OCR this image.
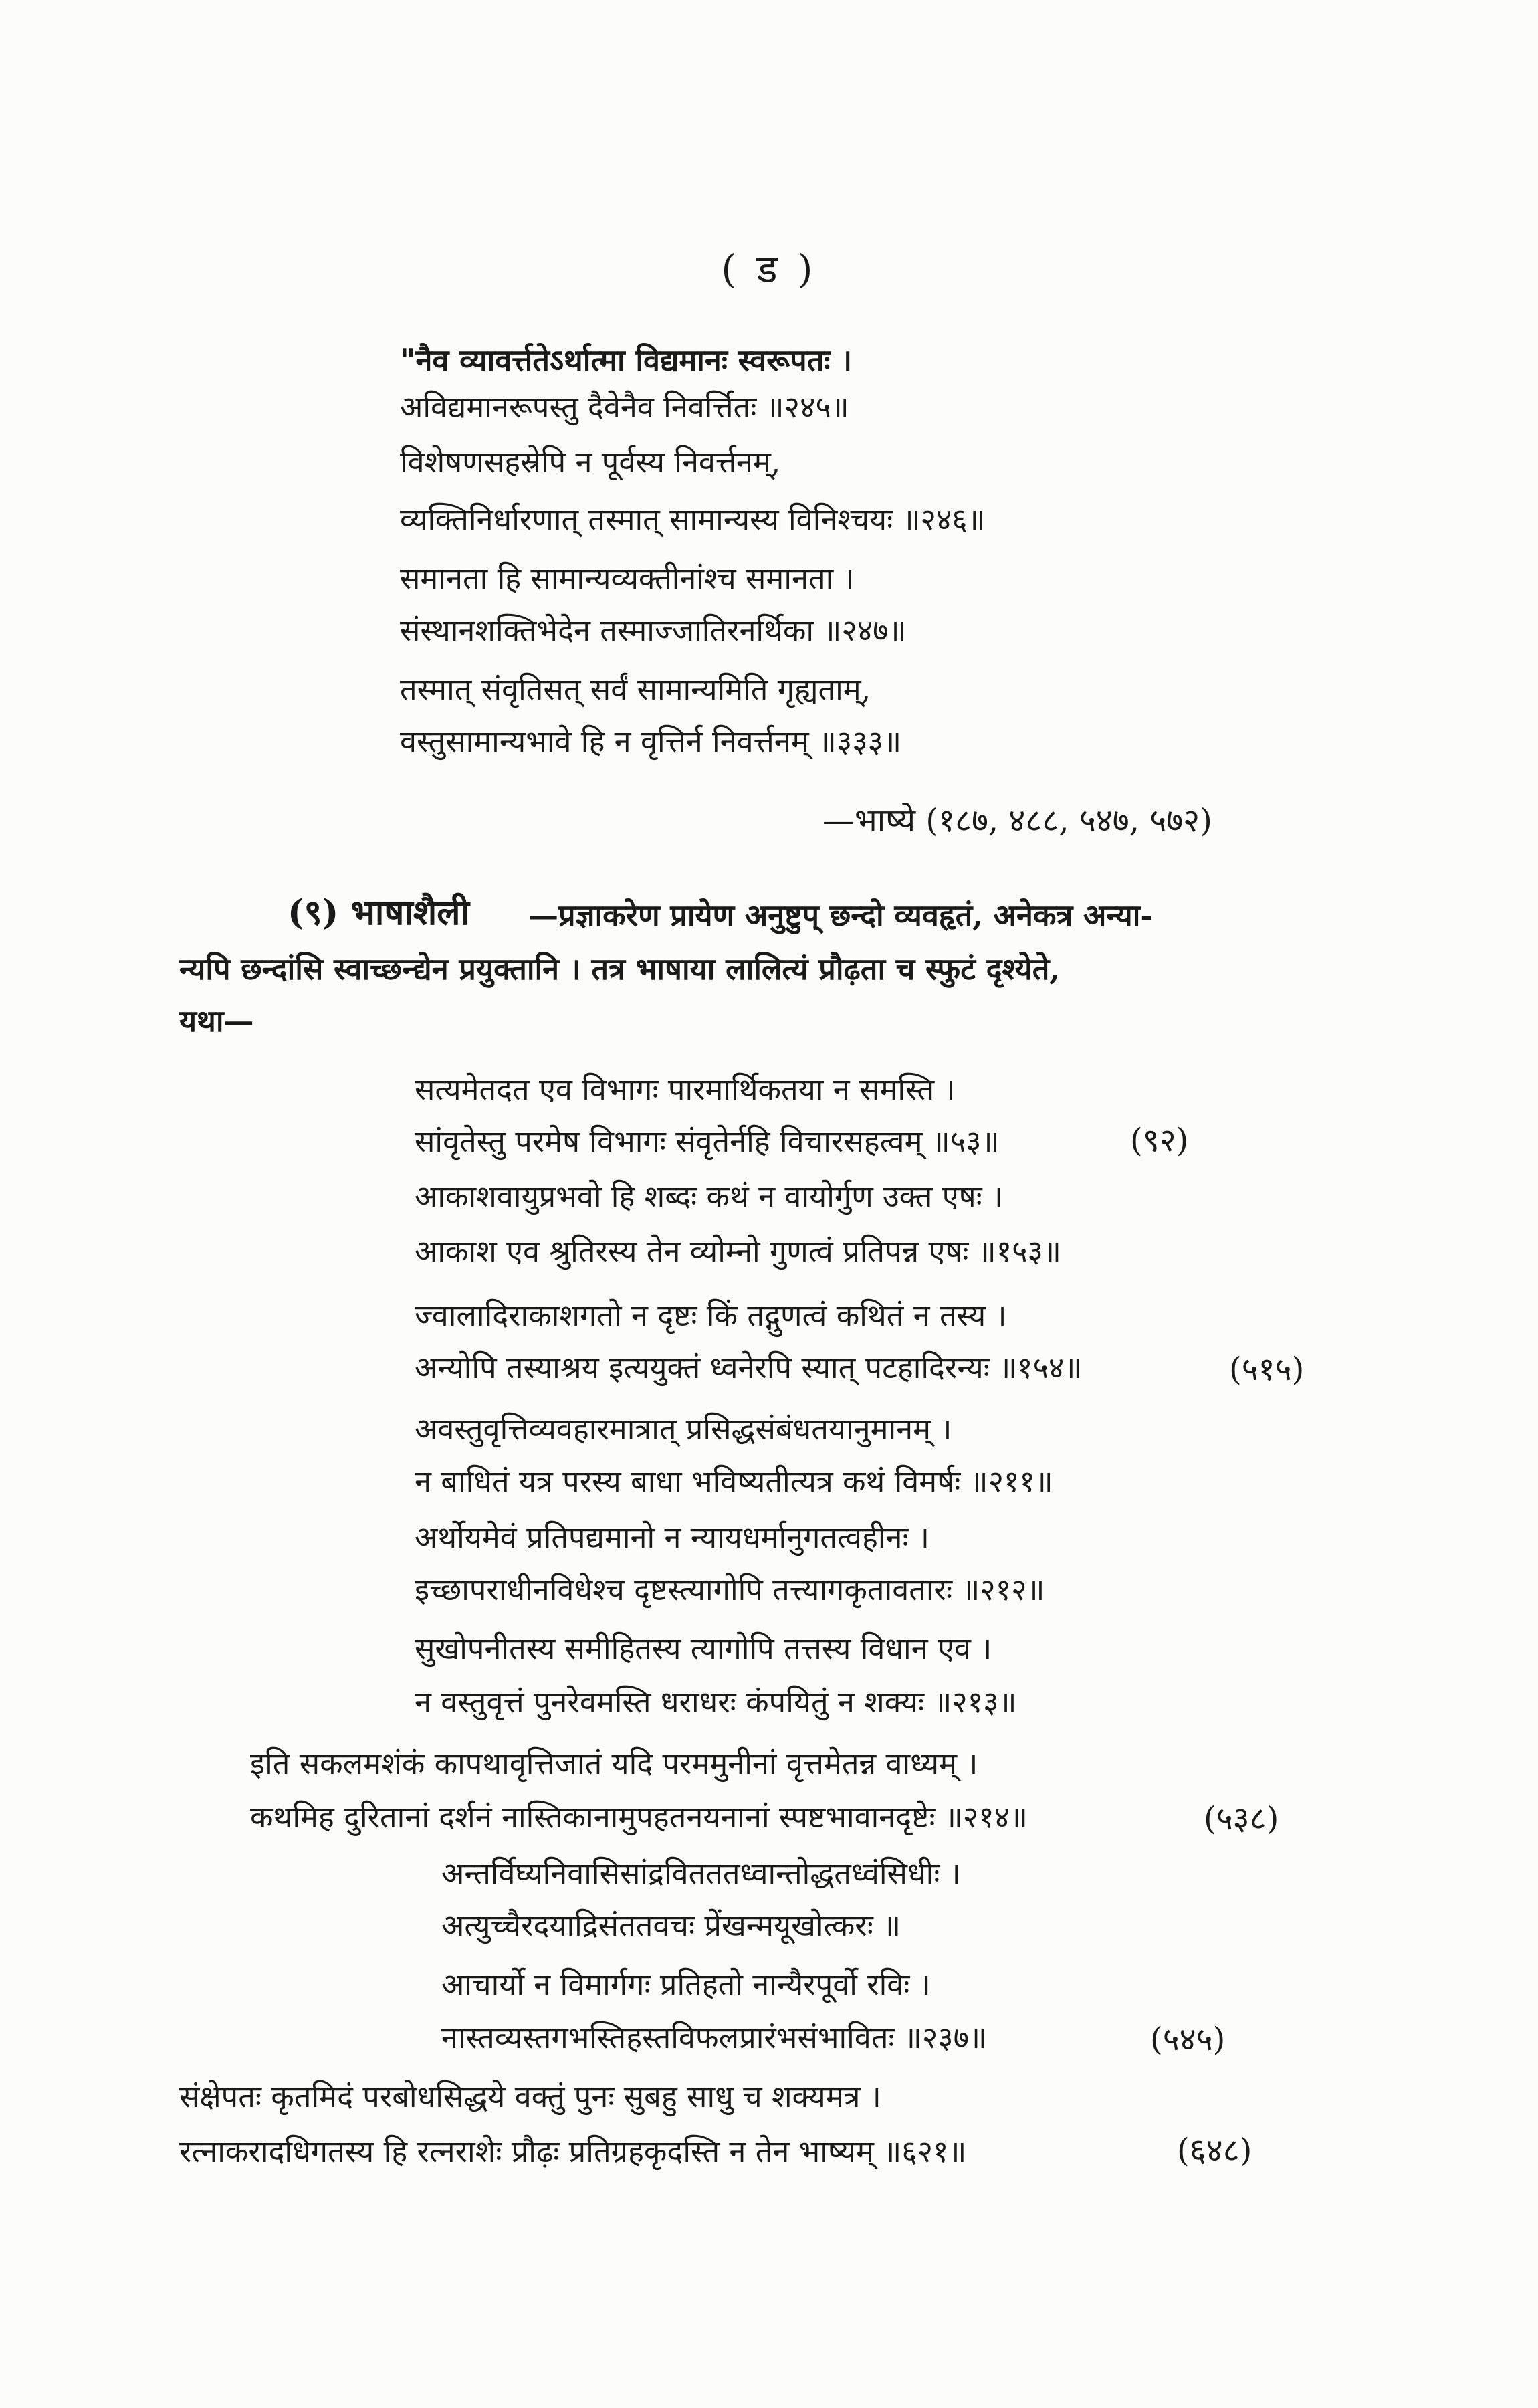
( ड )
"नैव व्यावर्त्ततेऽर्थात्मा विद्यमानः स्वरूपतः ।
अविद्यमानरूपस्तु दैवेनैव निवर्त्तितः ॥२४५॥
विशेषणसहस्रेपि न पूर्वस्य निवर्त्तनम्,
व्यक्तिनिर्धारणात् तस्मात् सामान्यस्य विनिश्चयः ॥२४६॥
समानता हि सामान्यव्यक्तीनांश्च समानता ।
संस्थानशक्तिभेदेन तस्माज्जातिरनर्थिका ॥२४७॥
तस्मात् संवृतिसत् सर्वं सामान्यमिति गृह्यताम्,
वस्तुसामान्यभावे हि न वृत्तिर्न निवर्त्तनम् ॥३३३॥
—भाष्ये (१८७, ४८८, ५४७, ५७२)
(९) भाषाशैली —प्रज्ञाकरेण प्रायेण अनुष्टुप् छन्दो व्यवहृतं, अनेकत्र अन्या-
न्यपि छन्दांसि स्वाच्छन्द्येन प्रयुक्तानि । तत्र भाषाया लालित्यं प्रौढ़ता च स्फुटं दृश्येते,
यथा—
सत्यमेतदत एव विभागः पारमार्थिकतया न समस्ति ।
सांवृतेस्तु परमेष विभागः संवृतेर्नहि विचारसहत्वम् ॥५३॥	(९२)
आकाशवायुप्रभवो हि शब्दः कथं न वायोर्गुण उक्त एषः ।
आकाश एव श्रुतिरस्य तेन व्योम्नो गुणत्वं प्रतिपन्न एषः ॥१५३॥
ज्वालादिराकाशगतो न दृष्टः किं तद्गुणत्वं कथितं न तस्य ।
अन्योपि तस्याश्रय इत्ययुक्तं ध्वनेरपि स्यात् पटहादिरन्यः ॥१५४॥	(५१५)
अवस्तुवृत्तिव्यवहारमात्रात् प्रसिद्धसंबंधतयानुमानम् ।
न बाधितं यत्र परस्य बाधा भविष्यतीत्यत्र कथं विमर्षः ॥२११॥
अर्थोयमेवं प्रतिपद्यमानो न न्यायधर्मानुगतत्वहीनः ।
इच्छापराधीनविधेश्च दृष्टस्त्यागोपि तत्त्यागकृतावतारः ॥२१२॥
सुखोपनीतस्य समीहितस्य त्यागोपि तत्तस्य विधान एव ।
न वस्तुवृत्तं पुनरेवमस्ति धराधरः कंपयितुं न शक्यः ॥२१३॥
इति सकलमशंकं कापथावृत्तिजातं यदि परममुनीनां वृत्तमेतन्न वाध्यम् ।
कथमिह दुरितानां दर्शनं नास्तिकानामुपहतनयनानां स्पष्टभावानदृष्टेः ॥२१४॥	(५३८)
अन्तर्विघ्यनिवासिसांद्रवितततध्वान्तोद्धतध्वंसिधीः ।
अत्युच्चैरदयाद्रिसंततवचः प्रेंखन्मयूखोत्करः ॥
आचार्यो न विमार्गगः प्रतिहतो नान्यैरपूर्वो रविः ।
नास्तव्यस्तगभस्तिहस्तविफलप्रारंभसंभावितः ॥२३७॥	(५४५)
संक्षेपतः कृतमिदं परबोधसिद्धये वक्तुं पुनः सुबहु साधु च शक्यमत्र ।
रत्नाकरादधिगतस्य हि रत्नराशेः प्रौढ़ः प्रतिग्रहकृदस्ति न तेन भाष्यम् ॥६२१॥	(६४८)
